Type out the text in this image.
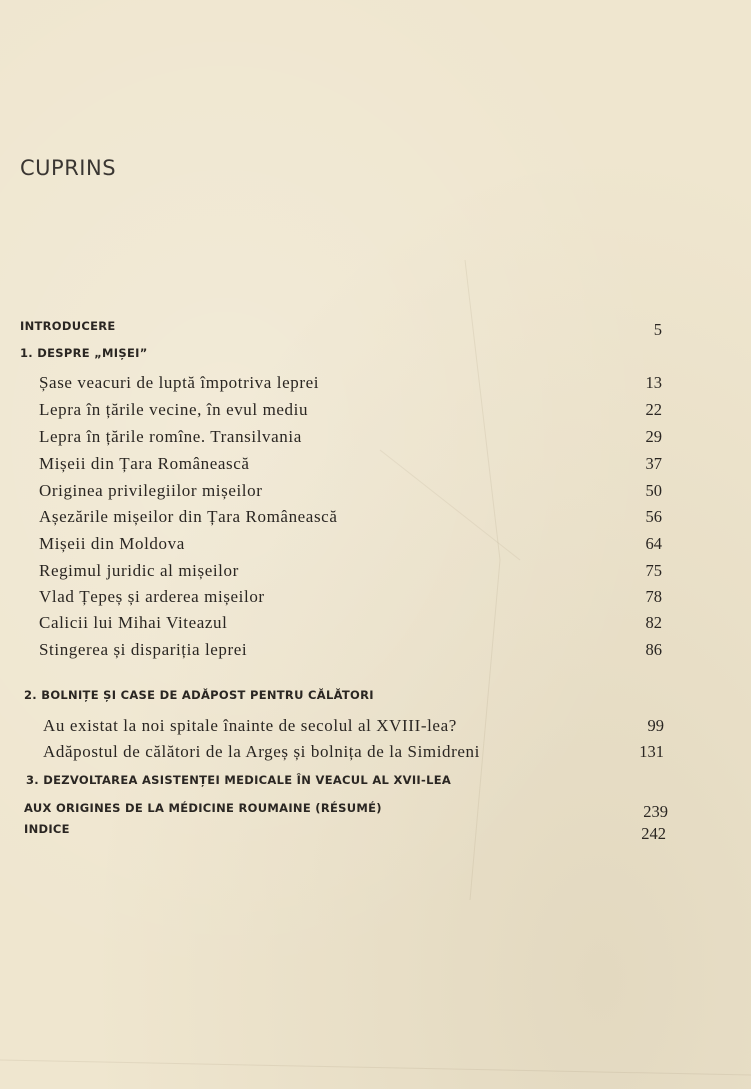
CUPRINS
INTRODUCERE	5
1. DESPRE „MIȘEI”
Șase veacuri de luptă împotriva leprei	13
Lepra în țările vecine, în evul mediu	22
Lepra în țările romîne. Transilvania	29
Mișeii din Țara Românească	37
Originea privilegiilor mișeilor	50
Așezările mișeilor din Țara Românească	56
Mișeii din Moldova	64
Regimul juridic al mișeilor	75
Vlad Țepeș și arderea mișeilor	78
Calicii lui Mihai Viteazul	82
Stingerea și dispariția leprei	86
2. BOLNIȚE ȘI CASE DE ADĂPOST PENTRU CĂLĂTORI
Au existat la noi spitale înainte de secolul al XVIII-lea?	99
Adăpostul de călători de la Argeș și bolnița de la Simidreni	131
3. DEZVOLTAREA ASISTENȚEI MEDICALE ÎN VEACUL AL XVII-LEA
AUX ORIGINES DE LA MÉDICINE ROUMAINE (RÉSUMÉ)	239
INDICE	242
